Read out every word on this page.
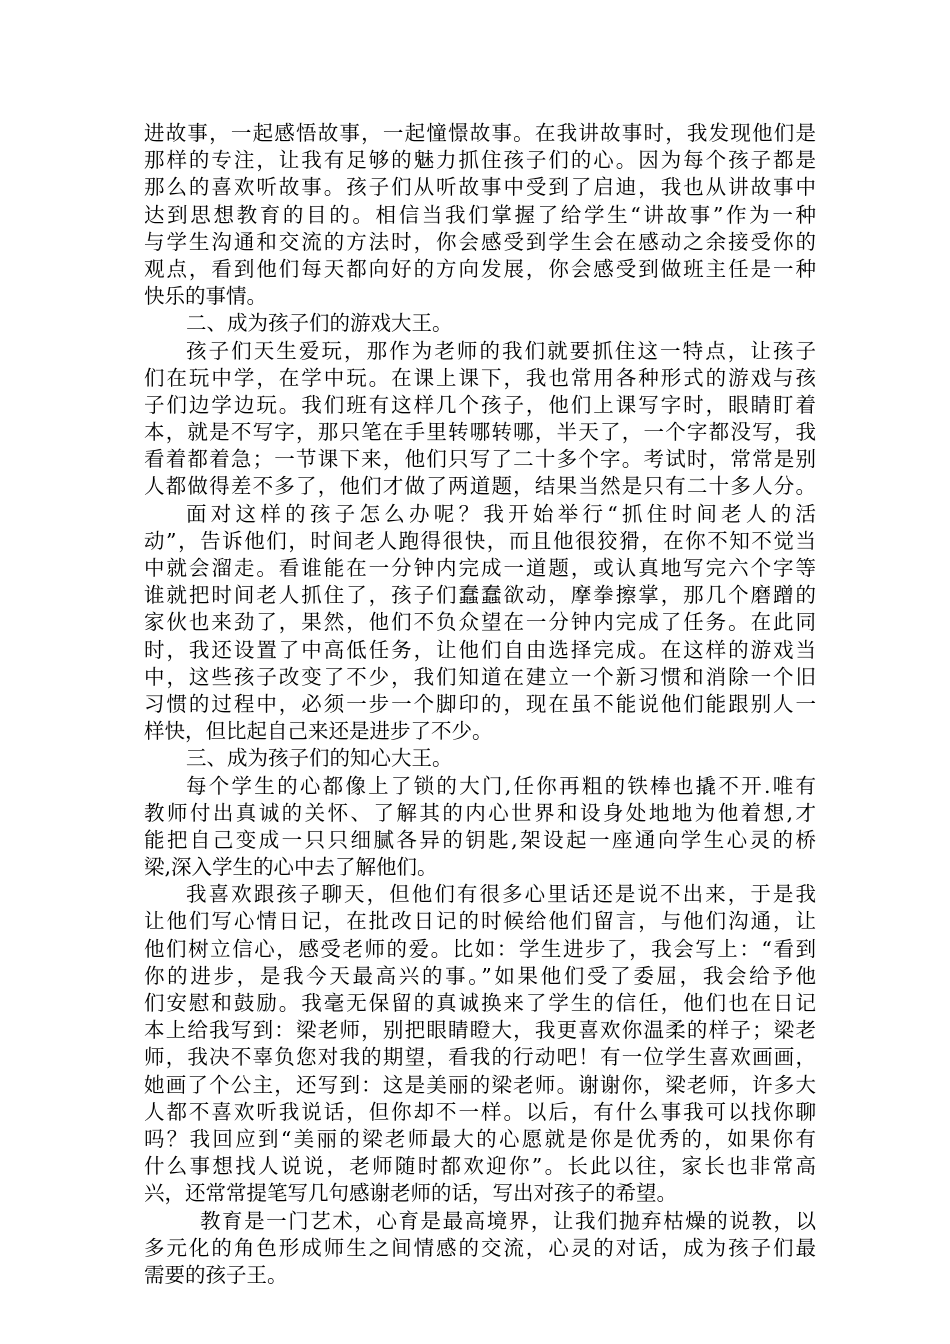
进故事，一起感悟故事，一起憧憬故事。在我讲故事时，我发现他们是
那样的专注，让我有足够的魅力抓住孩子们的心。因为每个孩子都是
那么的喜欢听故事。孩子们从听故事中受到了启迪，我也从讲故事中
达到思想教育的目的。相信当我们掌握了给学生“讲故事”作为一种
与学生沟通和交流的方法时，你会感受到学生会在感动之余接受你的
观点，看到他们每天都向好的方向发展，你会感受到做班主任是一种
快乐的事情。
二、成为孩子们的游戏大王。
孩子们天生爱玩，那作为老师的我们就要抓住这一特点，让孩子
们在玩中学，在学中玩。在课上课下，我也常用各种形式的游戏与孩
子们边学边玩。我们班有这样几个孩子，他们上课写字时，眼睛盯着
本，就是不写字，那只笔在手里转哪转哪，半天了，一个字都没写，我
看着都着急；一节课下来，他们只写了二十多个字。考试时，常常是别
人都做得差不多了，他们才做了两道题，结果当然是只有二十多人分。
面对这样的孩子怎么办呢？我开始举行“抓住时间老人的活
动”，告诉他们，时间老人跑得很快，而且他很狡猾，在你不知不觉当
中就会溜走。看谁能在一分钟内完成一道题，或认真地写完六个字等
谁就把时间老人抓住了，孩子们蠢蠢欲动，摩拳擦掌，那几个磨蹭的
家伙也来劲了，果然，他们不负众望在一分钟内完成了任务。在此同
时，我还设置了中高低任务，让他们自由选择完成。在这样的游戏当
中，这些孩子改变了不少，我们知道在建立一个新习惯和消除一个旧
习惯的过程中，必须一步一个脚印的，现在虽不能说他们能跟别人一
样快，但比起自己来还是进步了不少。
三、成为孩子们的知心大王。
每个学生的心都像上了锁的大门,任你再粗的铁棒也撬不开.唯有
教师付出真诚的关怀、了解其的内心世界和设身处地地为他着想,才
能把自己变成一只只细腻各异的钥匙,架设起一座通向学生心灵的桥
梁,深入学生的心中去了解他们。
我喜欢跟孩子聊天，但他们有很多心里话还是说不出来，于是我
让他们写心情日记，在批改日记的时候给他们留言，与他们沟通，让
他们树立信心，感受老师的爱。比如：学生进步了，我会写上：“看到
你的进步，是我今天最高兴的事。”如果他们受了委屈，我会给予他
们安慰和鼓励。我毫无保留的真诚换来了学生的信任，他们也在日记
本上给我写到：梁老师，别把眼睛瞪大，我更喜欢你温柔的样子；梁老
师，我决不辜负您对我的期望，看我的行动吧！有一位学生喜欢画画，
她画了个公主，还写到：这是美丽的梁老师。谢谢你，梁老师，许多大
人都不喜欢听我说话，但你却不一样。以后，有什么事我可以找你聊
吗？我回应到“美丽的梁老师最大的心愿就是你是优秀的，如果你有
什么事想找人说说，老师随时都欢迎你”。长此以往，家长也非常高
兴，还常常提笔写几句感谢老师的话，写出对孩子的希望。
教育是一门艺术，心育是最高境界，让我们抛弃枯燥的说教，以
多元化的角色形成师生之间情感的交流，心灵的对话，成为孩子们最
需要的孩子王。
